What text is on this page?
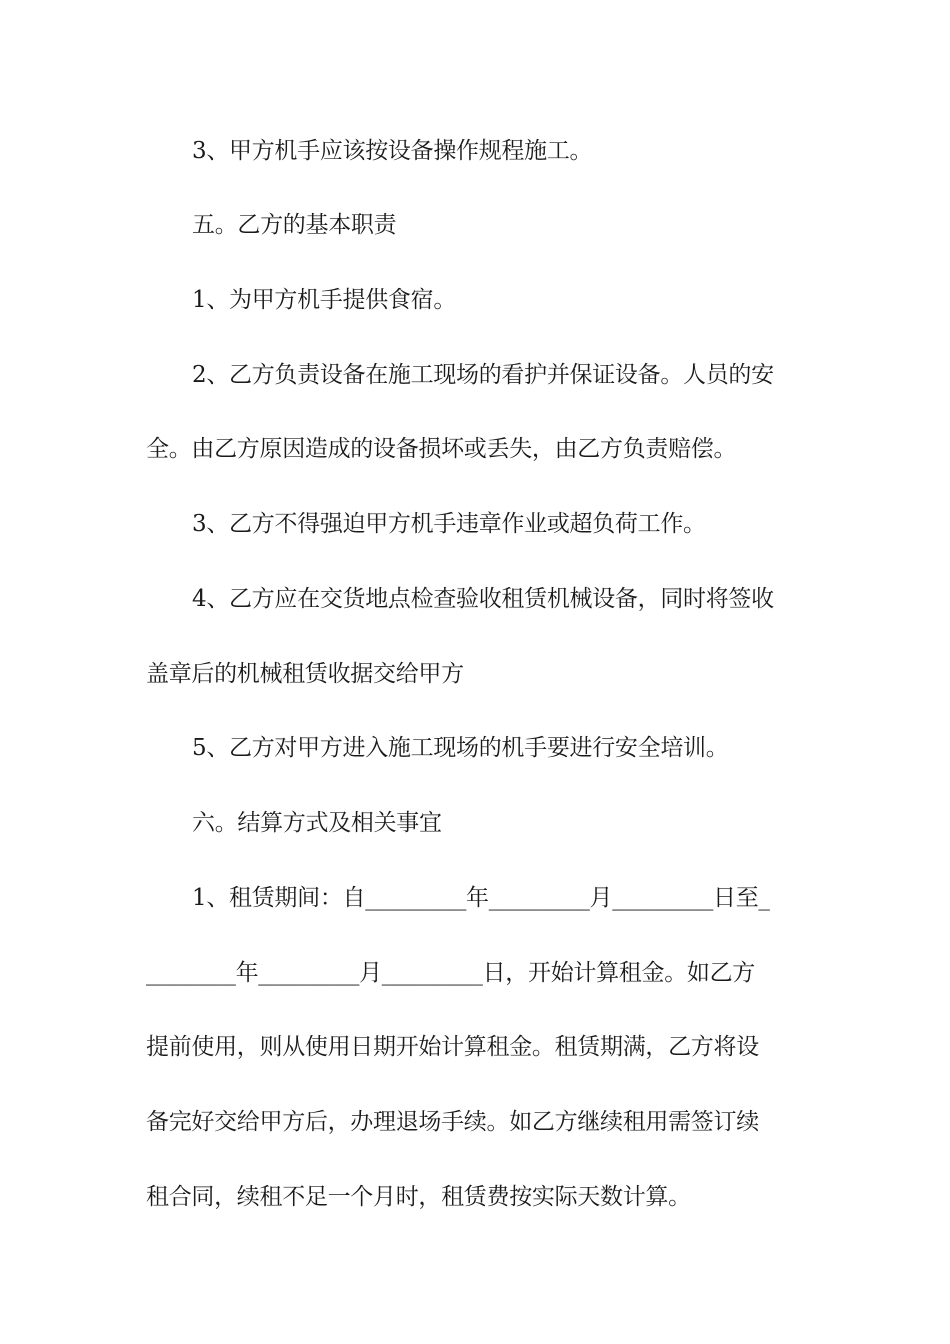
3、甲方机手应该按设备操作规程施工。
五。乙方的基本职责
1、为甲方机手提供食宿。
2、乙方负责设备在施工现场的看护并保证设备。人员的安
全。由乙方原因造成的设备损坏或丢失，由乙方负责赔偿。
3、乙方不得强迫甲方机手违章作业或超负荷工作。
4、乙方应在交货地点检查验收租赁机械设备，同时将签收
盖章后的机械租赁收据交给甲方
5、乙方对甲方进入施工现场的机手要进行安全培训。
六。结算方式及相关事宜
1、租赁期间：自_________年_________月_________日至_
________年_________月_________日，开始计算租金。如乙方
提前使用，则从使用日期开始计算租金。租赁期满，乙方将设
备完好交给甲方后，办理退场手续。如乙方继续租用需签订续
租合同，续租不足一个月时，租赁费按实际天数计算。
